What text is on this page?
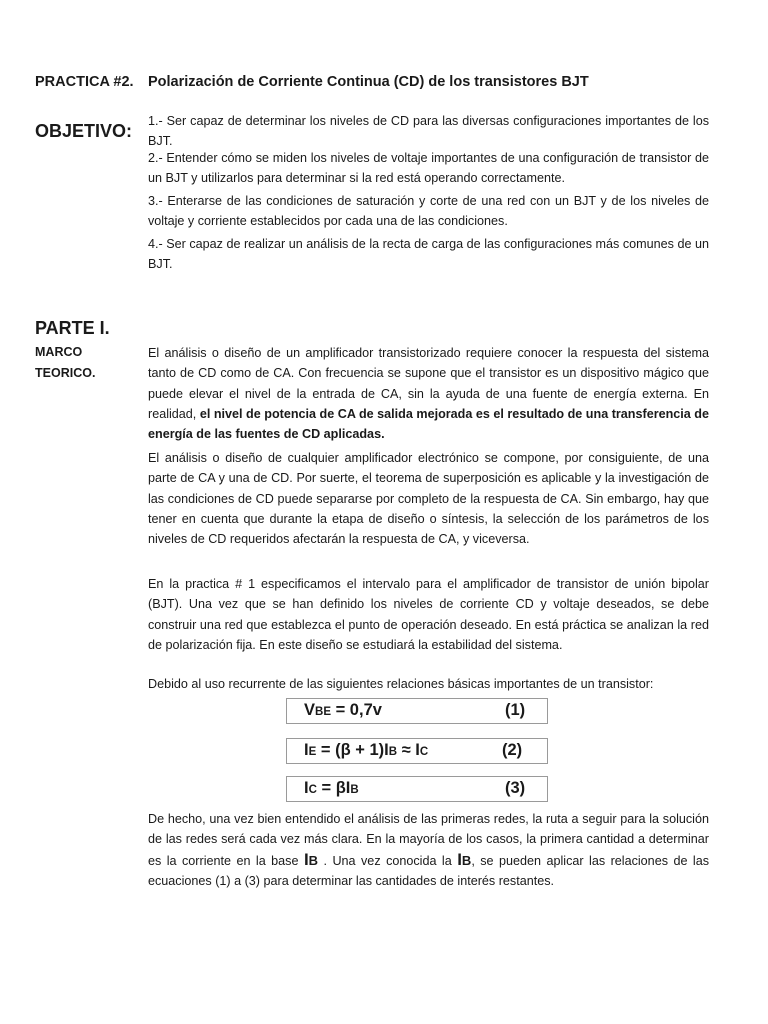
PRACTICA #2. Polarización de Corriente Continua (CD) de los transistores BJT
OBJETIVO: 1.- Ser capaz de determinar los niveles de CD para las diversas configuraciones importantes de los BJT.

2.- Entender cómo se miden los niveles de voltaje importantes de una configuración de transistor de un BJT y utilizarlos para determinar si la red está operando correctamente.

3.- Enterarse de las condiciones de saturación y corte de una red con un BJT y de los niveles de voltaje y corriente establecidos por cada una de las condiciones.

4.- Ser capaz de realizar un análisis de la recta de carga de las configuraciones más comunes de un BJT.

PARTE I.
MARCO
TEORICO.

El análisis o diseño de un amplificador transistorizado requiere conocer la respuesta del sistema tanto de CD como de CA. Con frecuencia se supone que el transistor es un dispositivo mágico que puede elevar el nivel de la entrada de CA, sin la ayuda de una fuente de energía externa. En realidad, el nivel de potencia de CA de salida mejorada es el resultado de una transferencia de energía de las fuentes de CD aplicadas.

El análisis o diseño de cualquier amplificador electrónico se compone, por consiguiente, de una parte de CA y una de CD. Por suerte, el teorema de superposición es aplicable y la investigación de las condiciones de CD puede separarse por completo de la respuesta de CA. Sin embargo, hay que tener en cuenta que durante la etapa de diseño o síntesis, la selección de los parámetros de los niveles de CD requeridos afectarán la respuesta de CA, y viceversa.

En la practica # 1 especificamos el intervalo para el amplificador de transistor de unión bipolar (BJT). Una vez que se han definido los niveles de corriente CD y voltaje deseados, se debe construir una red que establezca el punto de operación deseado. En está práctica se analizan la red de polarización fija. En este diseño se estudiará la estabilidad del sistema.

Debido al uso recurrente de las siguientes relaciones básicas importantes de un transistor:

VBE = 0,7v	(1)
IE = (β + 1)IB ≈ IC	(2)
IC = βIB	(3)

De hecho, una vez bien entendido el análisis de las primeras redes, la ruta a seguir para la solución de las redes será cada vez más clara. En la mayoría de los casos, la primera cantidad a determinar es la corriente en la base IB . Una vez conocida la IB, se pueden aplicar las relaciones de las ecuaciones (1) a (3) para determinar las cantidades de interés restantes.
